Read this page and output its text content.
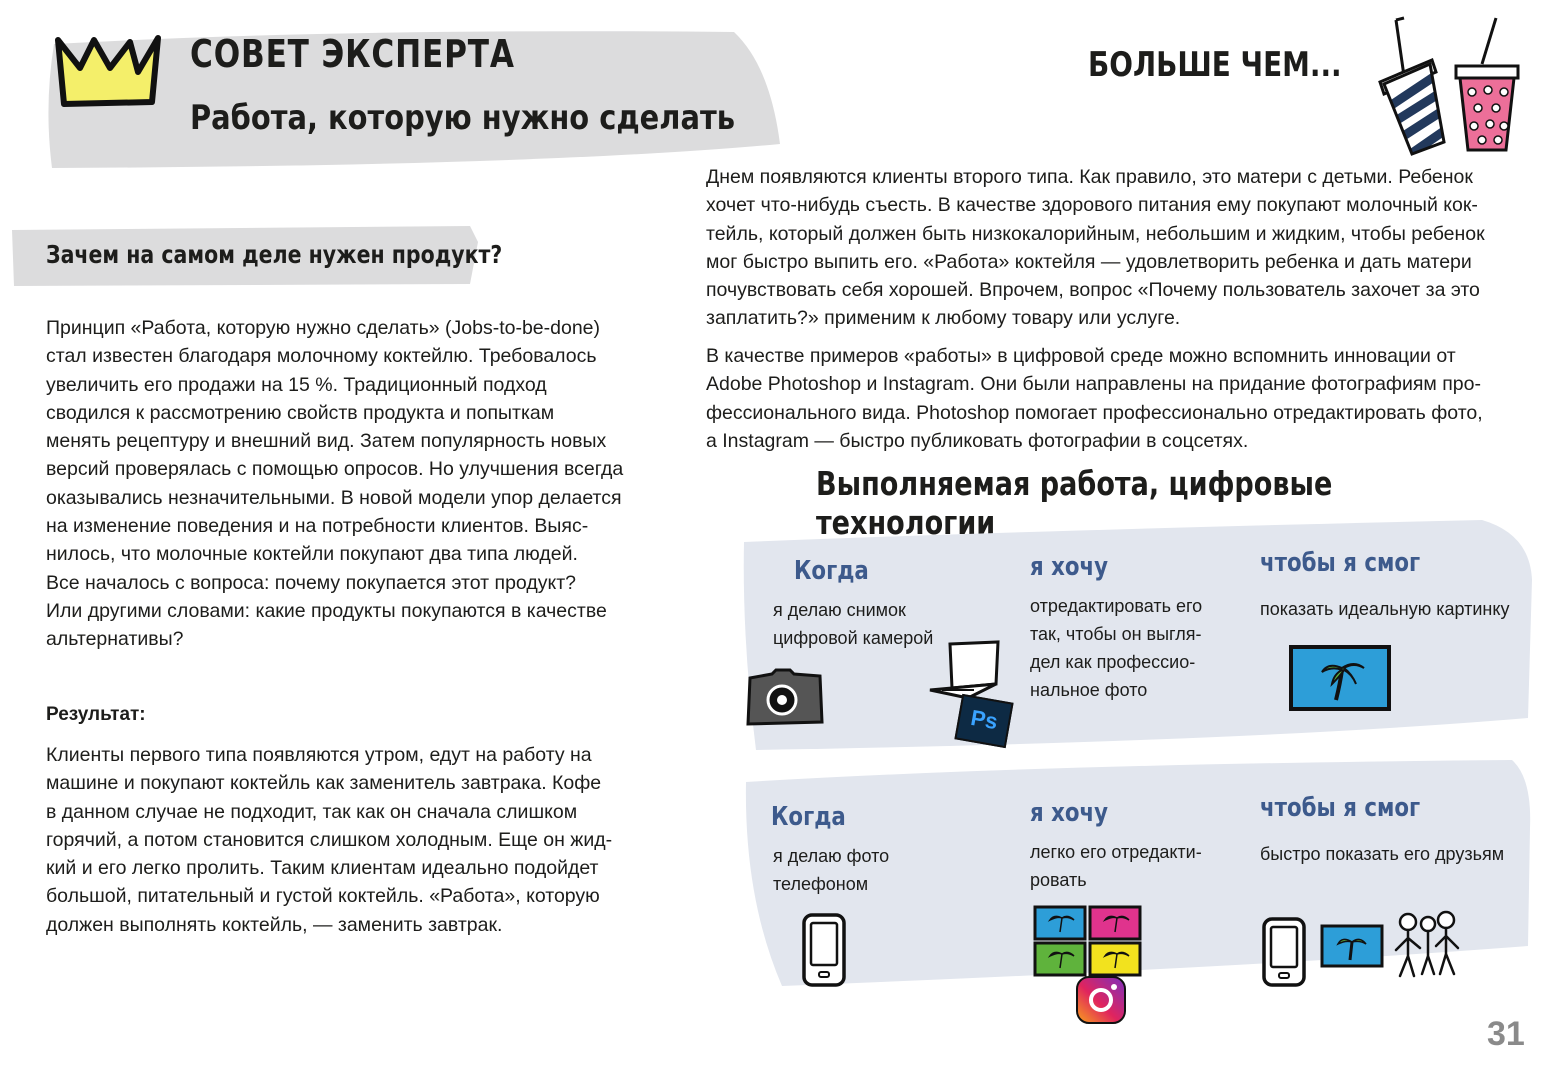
СОВЕТ ЭКСПЕРТА
Работа, которую нужно сделать
БОЛЬШЕ ЧЕМ...
Зачем на самом деле нужен продукт?
Принцип «Работа, которую нужно сделать» (Jobs-to-be-done)
стал известен благодаря молочному коктейлю. Требовалось
увеличить его продажи на 15 %. Традиционный подход
сводился к рассмотрению свойств продукта и попыткам
менять рецептуру и внешний вид. Затем популярность новых
версий проверялась с помощью опросов. Но улучшения всегда
оказывались незначительными. В новой модели упор делается
на изменение поведения и на потребности клиентов. Выяс-
нилось, что молочные коктейли покупают два типа людей.
Все началось с вопроса: почему покупается этот продукт?
Или другими словами: какие продукты покупаются в качестве
альтернативы?
Результат:
Клиенты первого типа появляются утром, едут на работу на
машине и покупают коктейль как заменитель завтрака. Кофе
в данном случае не подходит, так как он сначала слишком
горячий, а потом становится слишком холодным. Еще он жид-
кий и его легко пролить. Таким клиентам идеально подойдет
большой, питательный и густой коктейль. «Работа», которую
должен выполнять коктейль, — заменить завтрак.
Днем появляются клиенты второго типа. Как правило, это матери с детьми. Ребенок
хочет что-нибудь съесть. В качестве здорового питания ему покупают молочный кок-
тейль, который должен быть низкокалорийным, небольшим и жидким, чтобы ребенок
мог быстро выпить его. «Работа» коктейля — удовлетворить ребенка и дать матери
почувствовать себя хорошей. Впрочем, вопрос «Почему пользователь захочет за это
заплатить?» применим к любому товару или услуге.
В качестве примеров «работы» в цифровой среде можно вспомнить инновации от
Adobe Photoshop и Instagram. Они были направлены на придание фотографиям про-
фессионального вида. Photoshop помогает профессионально отредактировать фото,
а Instagram — быстро публиковать фотографии в соцсетях.
Выполняемая работа, цифровые технологии
Когда
я делаю снимок
цифровой камерой
я хочу
отредактировать его
так, чтобы он выгля-
дел как профессио-
нальное фото
чтобы я смог
показать идеальную картинку
Ps
Когда
я делаю фото
телефоном
я хочу
легко его отредакти-
ровать
чтобы я смог
быстро показать его друзьям
31
